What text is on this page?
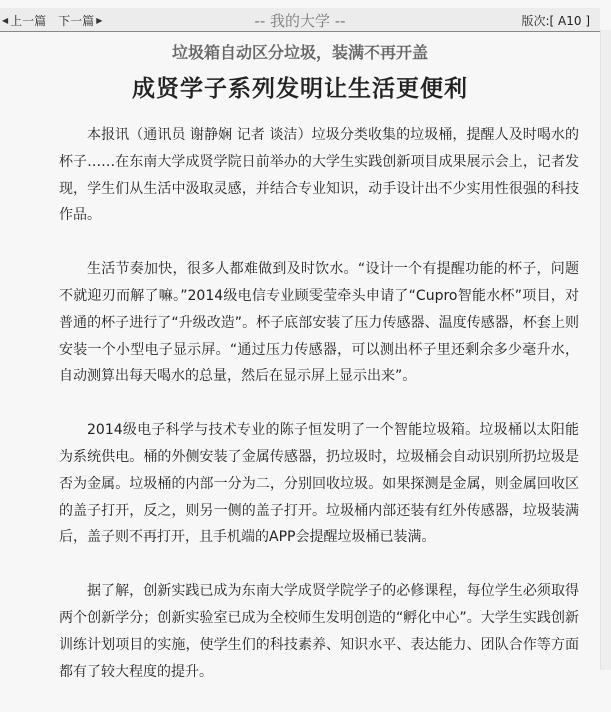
◀ 上一篇 下一篇 ▶	-- 我的大学 --	版次:[ A10 ]
垃圾箱自动区分垃圾，装满不再开盖
成贤学子系列发明让生活更便利

本报讯（通讯员 谢静娴 记者 谈洁）垃圾分类收集的垃圾桶，提醒人及时喝水的杯子……在东南大学成贤学院日前举办的大学生实践创新项目成果展示会上，记者发现，学生们从生活中汲取灵感，并结合专业知识，动手设计出不少实用性很强的科技作品。

生活节奏加快，很多人都难做到及时饮水。“设计一个有提醒功能的杯子，问题不就迎刃而解了嘛。”2014级电信专业顾雯莹牵头申请了“Cupro智能水杯”项目，对普通的杯子进行了“升级改造”。杯子底部安装了压力传感器、温度传感器，杯套上则安装一个小型电子显示屏。“通过压力传感器，可以测出杯子里还剩余多少毫升水，自动测算出每天喝水的总量，然后在显示屏上显示出来”。

2014级电子科学与技术专业的陈子恒发明了一个智能垃圾箱。垃圾桶以太阳能为系统供电。桶的外侧安装了金属传感器，扔垃圾时，垃圾桶会自动识别所扔垃圾是否为金属。垃圾桶的内部一分为二，分别回收垃圾。如果探测是金属，则金属回收区的盖子打开，反之，则另一侧的盖子打开。垃圾桶内部还装有红外传感器，垃圾装满后，盖子则不再打开，且手机端的APP会提醒垃圾桶已装满。

据了解，创新实践已成为东南大学成贤学院学子的必修课程，每位学生必须取得两个创新学分；创新实验室已成为全校师生发明创造的“孵化中心”。大学生实践创新训练计划项目的实施，使学生们的科技素养、知识水平、表达能力、团队合作等方面都有了较大程度的提升。
